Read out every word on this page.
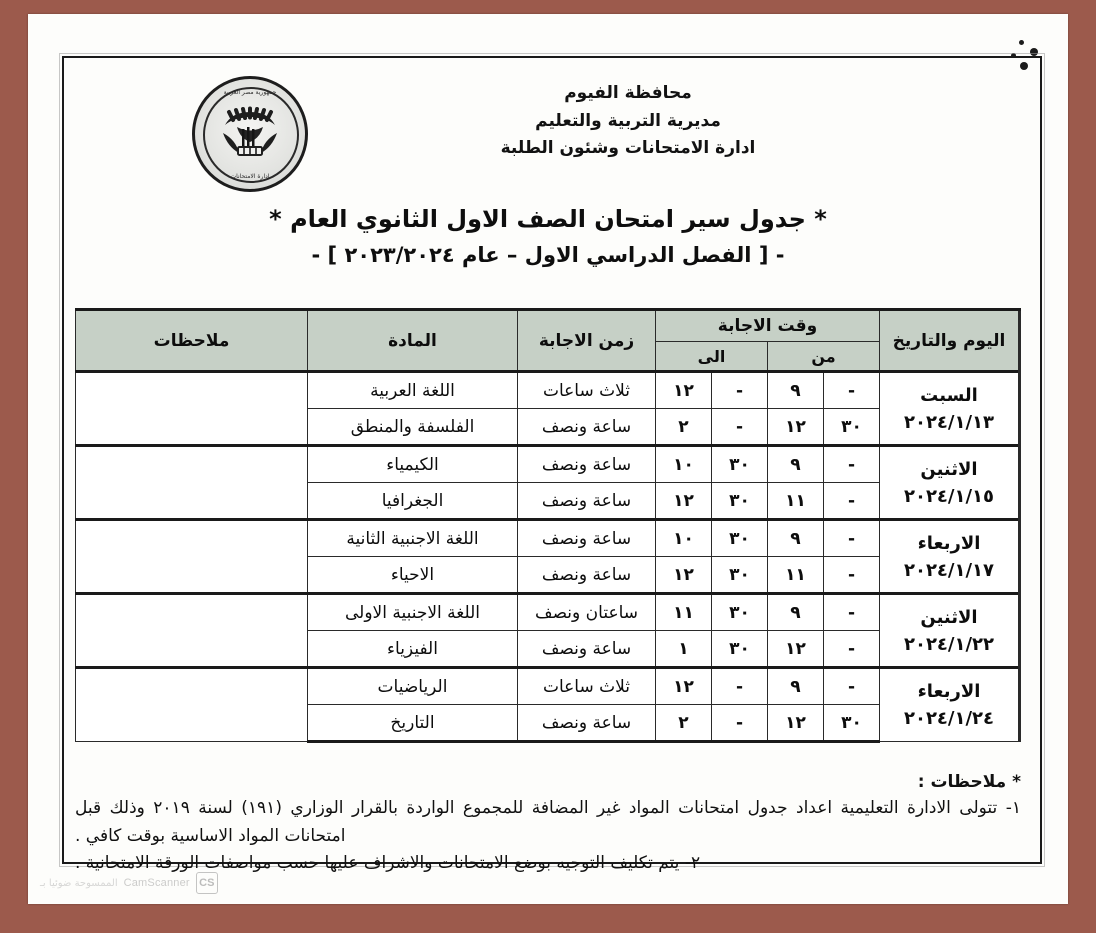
جمهورية مصر العربية
ادارة الامتحانات
محافظة الفيوم
مديرية التربية والتعليم
ادارة الامتحانات وشئون الطلبة
* جدول سير امتحان الصف الاول الثانوي العام *
- [ الفصل الدراسي الاول – عام ٢٠٢٣/٢٠٢٤ ] -
اليوم والتاريخ	وقت الاجابة				زمن الاجابة	المادة	ملاحظات
	من		الى				

السبت
٢٠٢٤/١/١٣	-	٩	-	١٢	ثلاث ساعات	اللغة العربية	
	٣٠	١٢	-	٢	ساعة ونصف	الفلسفة والمنطق	

الاثنين
٢٠٢٤/١/١٥	-	٩	٣٠	١٠	ساعة ونصف	الكيمياء	
	-	١١	٣٠	١٢	ساعة ونصف	الجغرافيا	

الاربعاء
٢٠٢٤/١/١٧	-	٩	٣٠	١٠	ساعة ونصف	اللغة الاجنبية الثانية	
	-	١١	٣٠	١٢	ساعة ونصف	الاحياء	

الاثنين
٢٠٢٤/١/٢٢	-	٩	٣٠	١١	ساعتان ونصف	اللغة الاجنبية الاولى	
	-	١٢	٣٠	١	ساعة ونصف	الفيزياء	

الاربعاء
٢٠٢٤/١/٢٤	-	٩	-	١٢	ثلاث ساعات	الرياضيات	
	٣٠	١٢	-	٢	ساعة ونصف	التاريخ	
* ملاحظات :
١- تتولى الادارة التعليمية اعداد جدول امتحانات المواد غير المضافة للمجموع الواردة بالقرار الوزاري (١٩١) لسنة ٢٠١٩ وذلك قبل امتحانات المواد الاساسية بوقت كافي .
٢- يتم تكليف التوجيه بوضع الامتحانات والاشراف عليها حسب مواصفات الورقة الامتحانية .
CS
CamScanner
الممسوحة ضوئيا بـ
